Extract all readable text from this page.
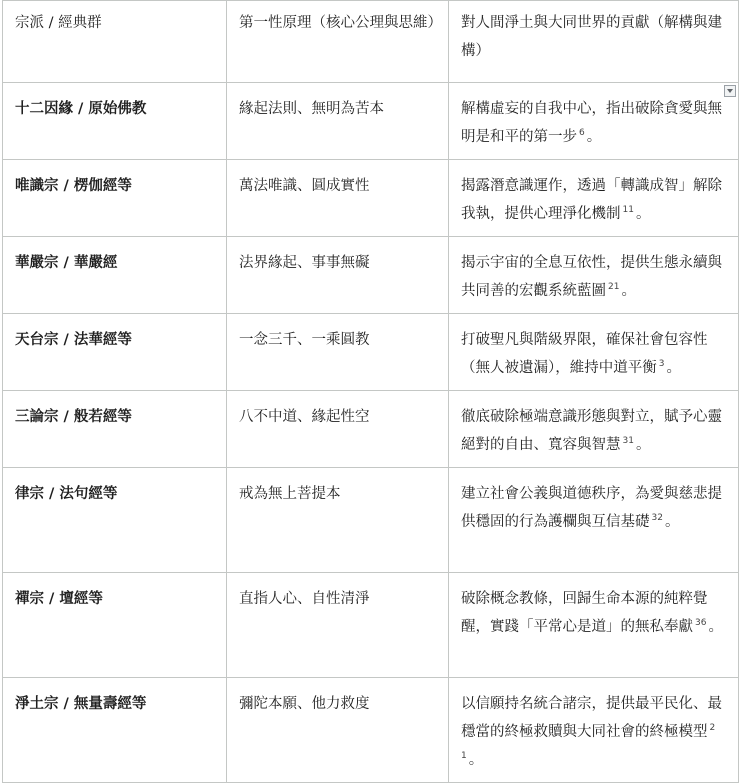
宗派 / 經典群	第一性原理（核心公理與思維）	對人間淨土與大同世界的貢獻（解構與建構）
十二因緣 / 原始佛教	緣起法則、無明為苦本	解構虛妄的自我中心，指出破除貪愛與無明是和平的第一步 $^6$ 。

唯識宗 / 楞伽經等	萬法唯識、圓成實性	揭露潛意識運作，透過「轉識成智」解除我執，提供心理淨化機制 $^{11}$ 。
華嚴宗 / 華嚴經	法界緣起、事事無礙	揭示宇宙的全息互依性，提供生態永續與共同善的宏觀系統藍圖 $^{21}$ 。
天台宗 / 法華經等	一念三千、一乘圓教	打破聖凡與階級界限，確保社會包容性（無人被遺漏），維持中道平衡 $^3$ 。
三論宗 / 般若經等	八不中道、緣起性空	徹底破除極端意識形態與對立，賦予心靈絕對的自由、寬容與智慧 $^{31}$ 。
律宗 / 法句經等	戒為無上菩提本	建立社會公義與道德秩序，為愛與慈悲提供穩固的行為護欄與互信基礎 $^{32}$ 。
禪宗 / 壇經等	直指人心、自性清淨	破除概念教條，回歸生命本源的純粹覺醒，實踐「平常心是道」的無私奉獻 $^{36}$ 。
淨土宗 / 無量壽經等	彌陀本願、他力救度	以信願持名統合諸宗，提供最平民化、最穩當的終極救贖與大同社會的終極模型 $^{21}$ 。
